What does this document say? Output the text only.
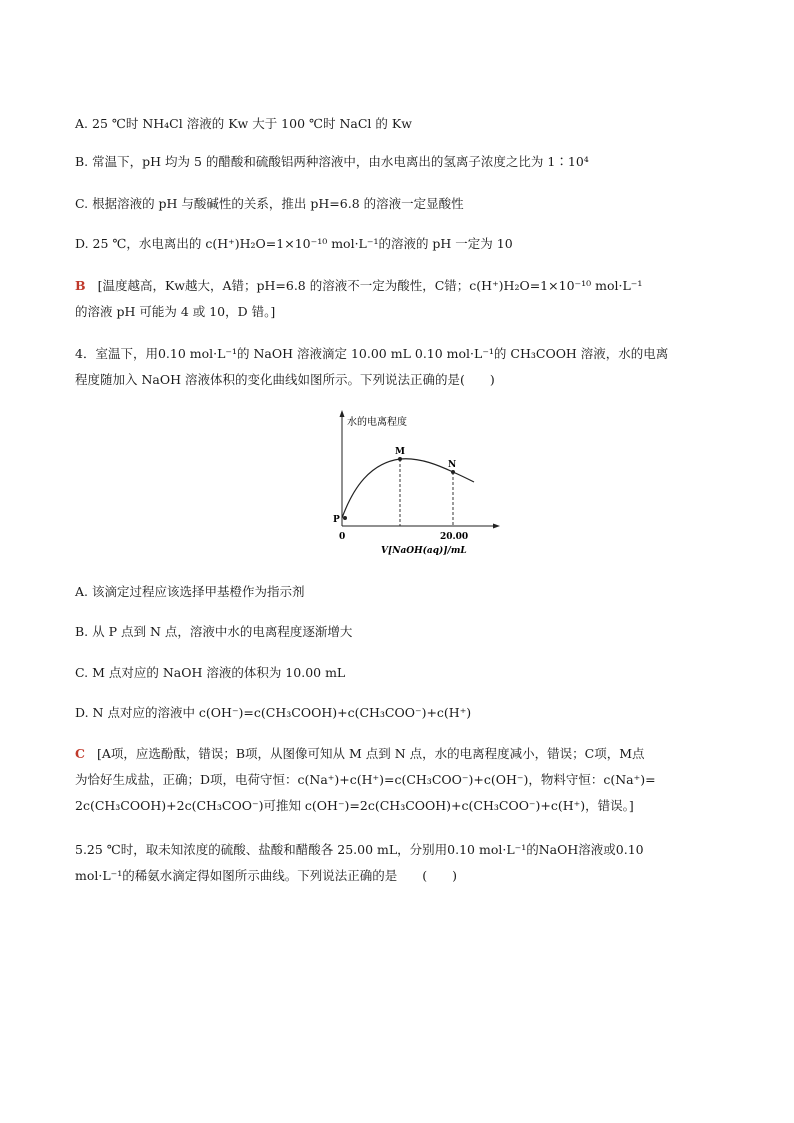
A. 25 ℃时 NH₄Cl 溶液的 Kw 大于 100 ℃时 NaCl 的 Kw
B. 常温下，pH 均为 5 的醋酸和硫酸铝两种溶液中，由水电离出的氢离子浓度之比为 1∶10⁴
C. 根据溶液的 pH 与酸碱性的关系，推出 pH=6.8 的溶液一定显酸性
D. 25 ℃，水电离出的 c(H⁺)H₂O=1×10⁻¹⁰ mol·L⁻¹的溶液的 pH 一定为 10
B [温度越高，Kw越大，A错；pH=6.8 的溶液不一定为酸性，C错；c(H⁺)H₂O=1×10⁻¹⁰ mol·L⁻¹
的溶液 pH 可能为 4 或 10，D 错。]
4．室温下，用0.10 mol·L⁻¹的 NaOH 溶液滴定 10.00 mL 0.10 mol·L⁻¹的 CH₃COOH 溶液，水的电离
程度随加入 NaOH 溶液体积的变化曲线如图所示。下列说法正确的是(　　)
水的电离程度
M
N
P
0	20.00
V[NaOH(aq)]/mL
A. 该滴定过程应该选择甲基橙作为指示剂
B. 从 P 点到 N 点，溶液中水的电离程度逐渐增大
C. M 点对应的 NaOH 溶液的体积为 10.00 mL
D. N 点对应的溶液中 c(OH⁻)=c(CH₃COOH)+c(CH₃COO⁻)+c(H⁺)
C [A项，应选酚酞，错误；B项，从图像可知从 M 点到 N 点，水的电离程度减小，错误；C项，M点
为恰好生成盐，正确；D项，电荷守恒：c(Na⁺)+c(H⁺)=c(CH₃COO⁻)+c(OH⁻)，物料守恒：c(Na⁺)=
2c(CH₃COOH)+2c(CH₃COO⁻)可推知 c(OH⁻)=2c(CH₃COOH)+c(CH₃COO⁻)+c(H⁺)，错误。]
5.25 ℃时，取未知浓度的硫酸、盐酸和醋酸各 25.00 mL，分别用0.10 mol·L⁻¹的NaOH溶液或0.10
mol·L⁻¹的稀氨水滴定得如图所示曲线。下列说法正确的是　　(　　)
